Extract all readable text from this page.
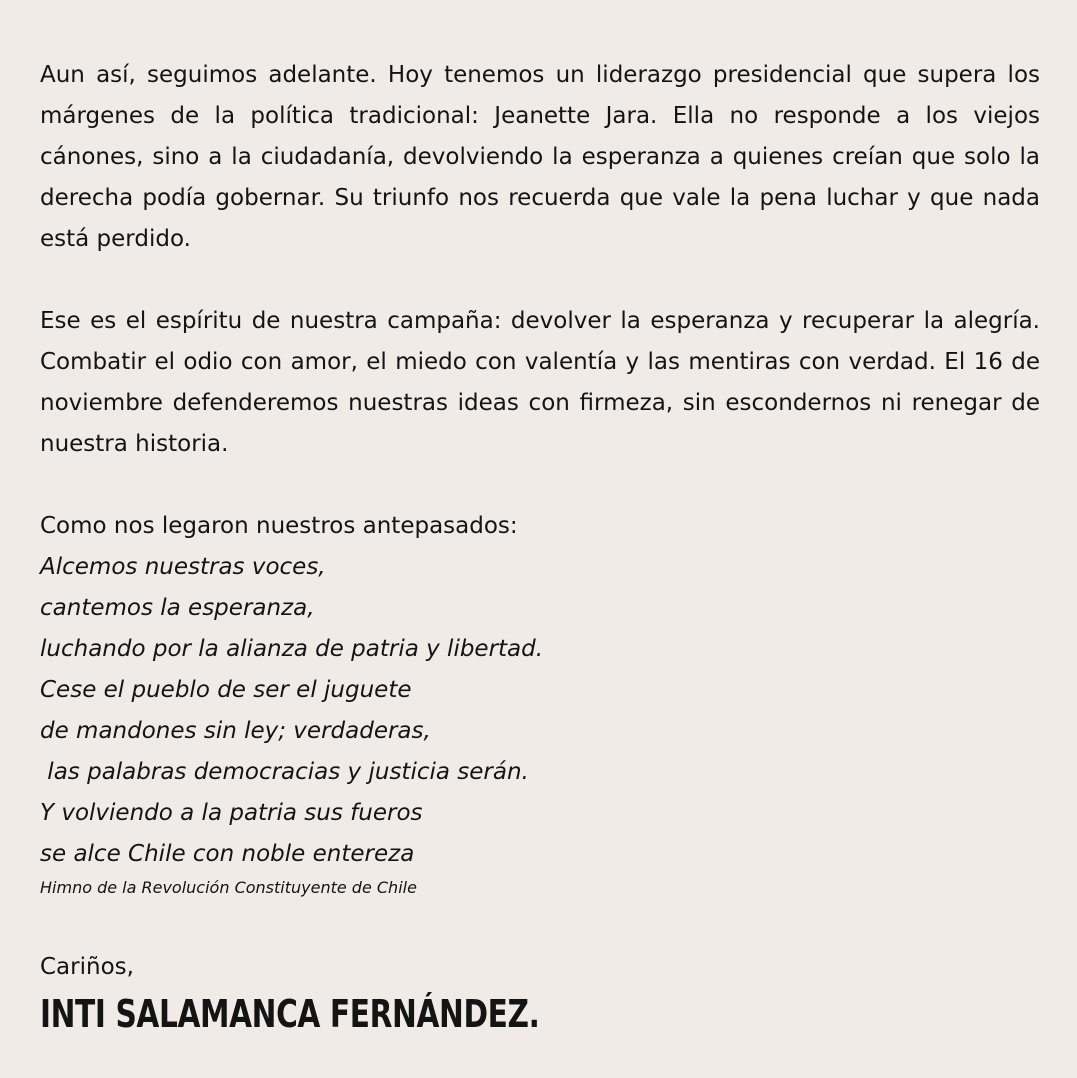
Aun así, seguimos adelante. Hoy tenemos un liderazgo presidencial que supera los márgenes de la política tradicional: Jeanette Jara. Ella no responde a los viejos cánones, sino a la ciudadanía, devolviendo la esperanza a quienes creían que solo la derecha podía gobernar. Su triunfo nos recuerda que vale la pena luchar y que nada está perdido.

Ese es el espíritu de nuestra campaña: devolver la esperanza y recuperar la alegría. Combatir el odio con amor, el miedo con valentía y las mentiras con verdad. El 16 de noviembre defenderemos nuestras ideas con firmeza, sin escondernos ni renegar de nuestra historia.

Como nos legaron nuestros antepasados:

Alcemos nuestras voces,
cantemos la esperanza,
luchando por la alianza de patria y libertad.
Cese el pueblo de ser el juguete
de mandones sin ley; verdaderas,
las palabras democracias y justicia serán.
Y volviendo a la patria sus fueros
se alce Chile con noble entereza

Himno de la Revolución Constituyente de Chile

Cariños,

INTI SALAMANCA FERNÁNDEZ.
